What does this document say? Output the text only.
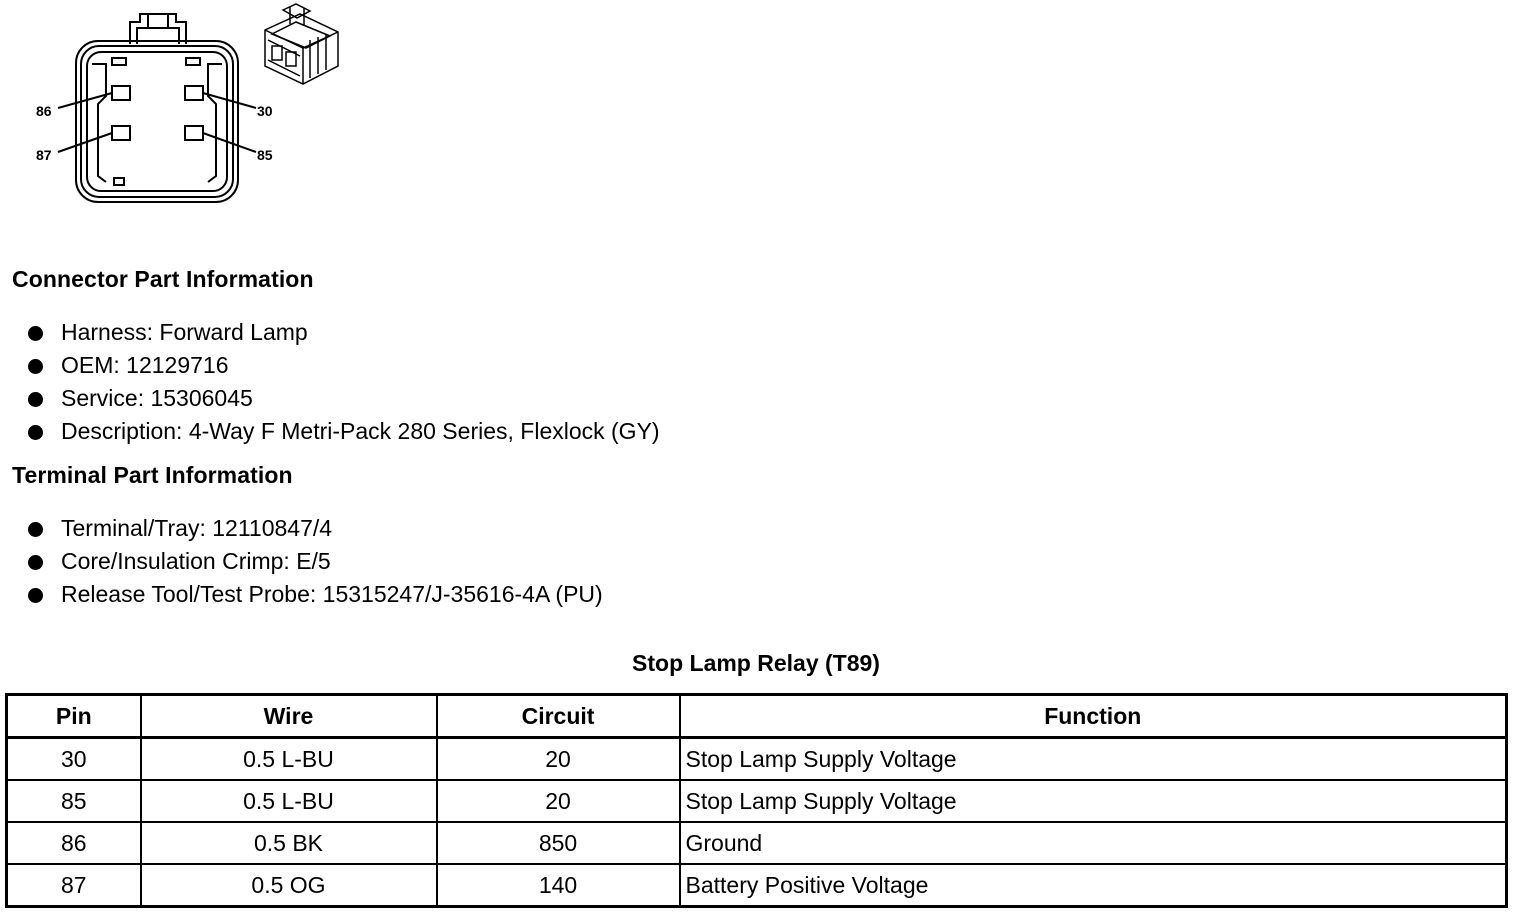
86
87
30
85
Connector Part Information
Harness: Forward Lamp
OEM: 12129716
Service: 15306045
Description: 4-Way F Metri-Pack 280 Series, Flexlock (GY)
Terminal Part Information
Terminal/Tray: 12110847/4
Core/Insulation Crimp: E/5
Release Tool/Test Probe: 15315247/J-35616-4A (PU)
Stop Lamp Relay (T89)
Pin	Wire	Circuit	Function
30	0.5 L-BU	20	Stop Lamp Supply Voltage
85	0.5 L-BU	20	Stop Lamp Supply Voltage
86	0.5 BK	850	Ground
87	0.5 OG	140	Battery Positive Voltage
